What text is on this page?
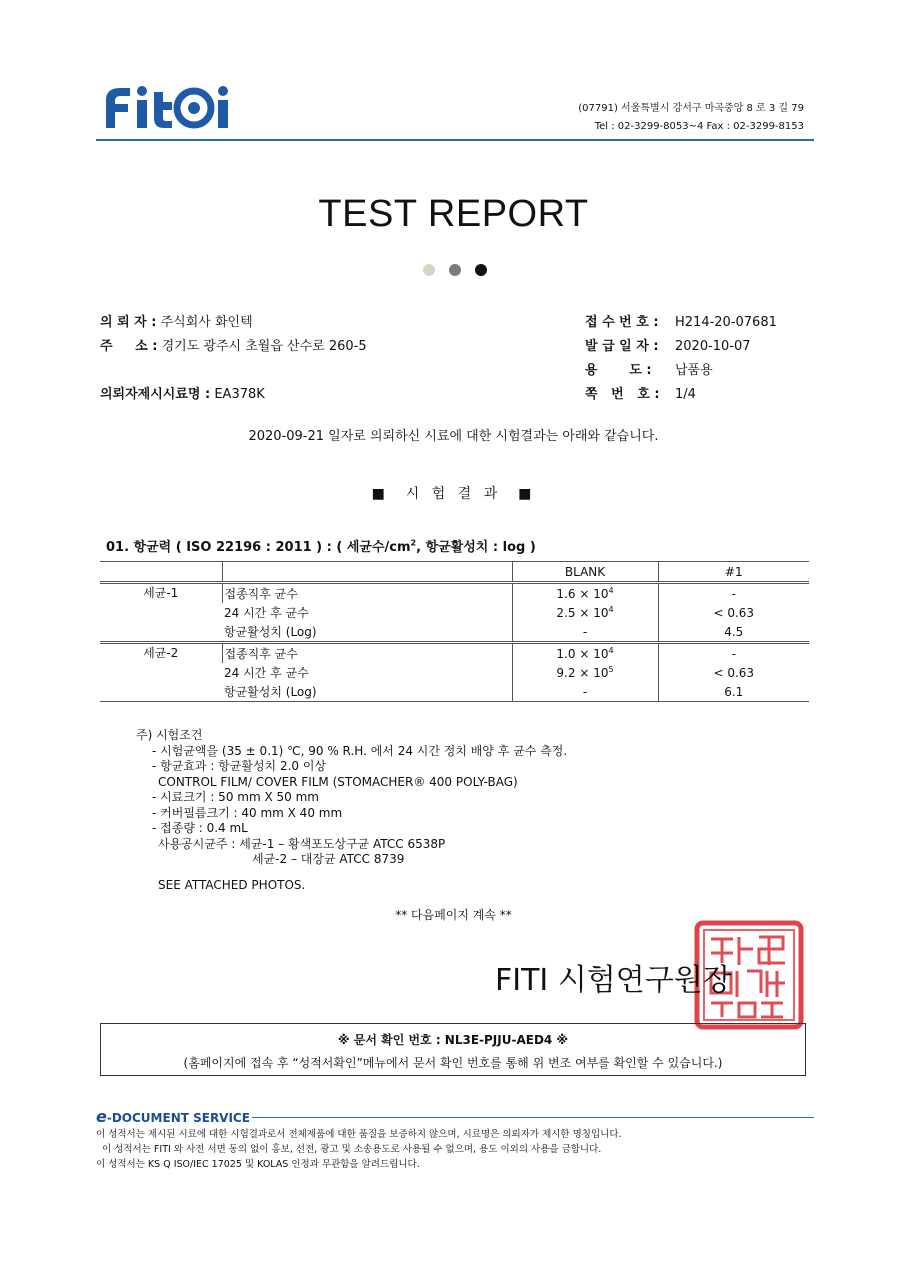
(07791) 서울특별시 강서구 마곡중앙 8 로 3 길 79
Tel : 02-3299-8053~4 Fax : 02-3299-8153
TEST REPORT
의 뢰 자 : 주식회사 화인텍
주     소 : 경기도 광주시 초월읍 산수로 260-5
의뢰자제시시료명 : EA378K
접 수 번 호 : H214-20-07681
발 급 일 자 : 2020-10-07
용       도 : 납품용
쪽   번   호 : 1/4
2020-09-21 일자로 의뢰하신 시료에 대한 시험결과는 아래와 같습니다.
■  시 험 결 과  ■
01. 항균력 ( ISO 22196 : 2011 ) : ( 세균수$/cm^2$, 항균활성치 : log )
		BLANK	#1
세균-1	접종직후 균수	$1.6 \times 10^4$	-
	24 시간 후 균수	$2.5 \times 10^4$	< 0.63
	항균활성치 (Log)	-	4.5
세균-2	접종직후 균수	$1.0 \times 10^4$	-
	24 시간 후 균수	$9.2 \times 10^5$	< 0.63
	항균활성치 (Log)	-	6.1
주) 시험조건
- 시험균액을 (35 ± 0.1) ℃, 90 % R.H. 에서 24 시간 정치 배양 후 균수 측정.
- 항균효과 : 항균활성치 2.0 이상
CONTROL FILM/ COVER FILM (STOMACHER® 400 POLY-BAG)
- 시료크기 : 50 mm X 50 mm
- 커버필름크기 : 40 mm X 40 mm
- 접종량 : 0.4 mL
사용공시균주 : 세균-1 – 황색포도상구균 ATCC 6538P
세균-2 – 대장균 ATCC 8739
SEE ATTACHED PHOTOS.
** 다음페이지 계속 **
FITI 시험연구원장
※ 문서 확인 번호 : NL3E-PJJU-AED4 ※
(홈페이지에 접속 후 “성적서확인”메뉴에서 문서 확인 번호를 통해 위 변조 여부를 확인할 수 있습니다.)
e-DOCUMENT SERVICE
이 성적서는 제시된 시료에 대한 시험결과로서 전체제품에 대한 품질을 보증하지 않으며, 시료명은 의뢰자가 제시한 명칭입니다.
이 성적서는 FITI 와 사전 서면 동의 없이 홍보, 선전, 광고 및 소송용도로 사용될 수 없으며, 용도 이외의 사용을 금합니다.
이 성적서는 KS Q ISO/IEC 17025 및 KOLAS 인정과 무관함을 알려드립니다.
